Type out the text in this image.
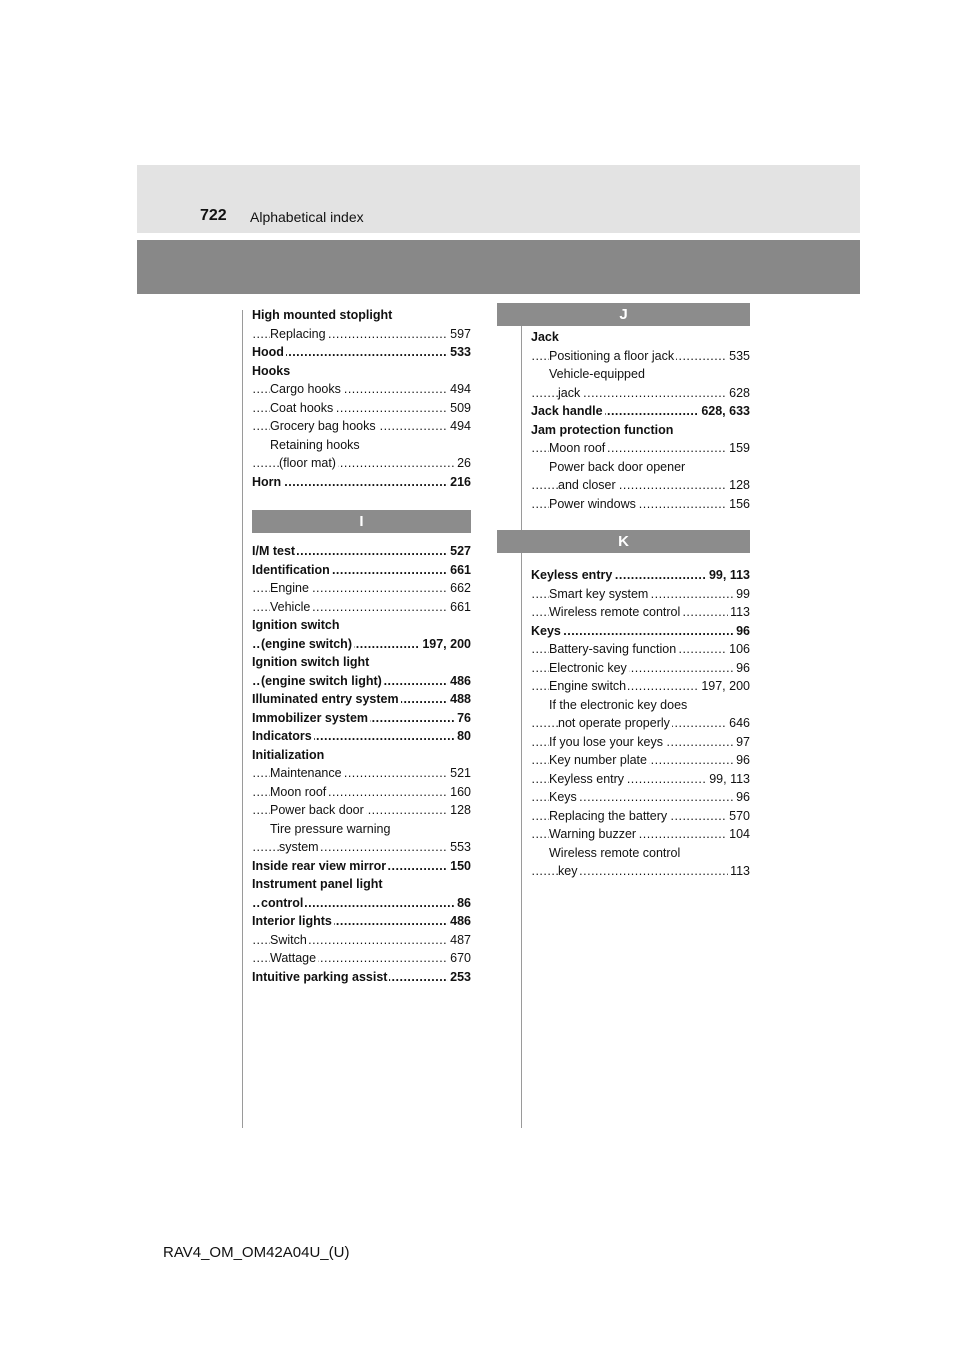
722 Alphabetical index
High mounted stoplight
..... Replacing	597
..... Hood	533
Hooks
..... Cargo hooks	494
..... Coat hooks	509
..... Grocery bag hooks	494
Retaining hooks
..... (floor mat)	26
..... Horn	216
I
..... I/M test	527
..... Identification	661
..... Engine	662
..... Vehicle	661
Ignition switch
..... (engine switch)	197, 200
Ignition switch light
..... (engine switch light)	486
..... Illuminated entry system	488
..... Immobilizer system	76
..... Indicators	80
Initialization
..... Maintenance	521
..... Moon roof	160
..... Power back door	128
Tire pressure warning
..... system	553
..... Inside rear view mirror	150
Instrument panel light
..... control	86
..... Interior lights	486
..... Switch	487
..... Wattage	670
..... Intuitive parking assist	253
J
Jack
..... Positioning a floor jack	535
Vehicle-equipped
..... jack	628
..... Jack handle	628, 633
Jam protection function
..... Moon roof	159
Power back door opener
..... and closer	128
..... Power windows	156
K
..... Keyless entry	99, 113
..... Smart key system	99
..... Wireless remote control	113
..... Keys	96
..... Battery-saving function	106
..... Electronic key	96
..... Engine switch	197, 200
If the electronic key does
..... not operate properly	646
..... If you lose your keys	97
..... Key number plate	96
..... Keyless entry	99, 113
..... Keys	96
..... Replacing the battery	570
..... Warning buzzer	104
Wireless remote control
..... key	113
RAV4_OM_OM42A04U_(U)
